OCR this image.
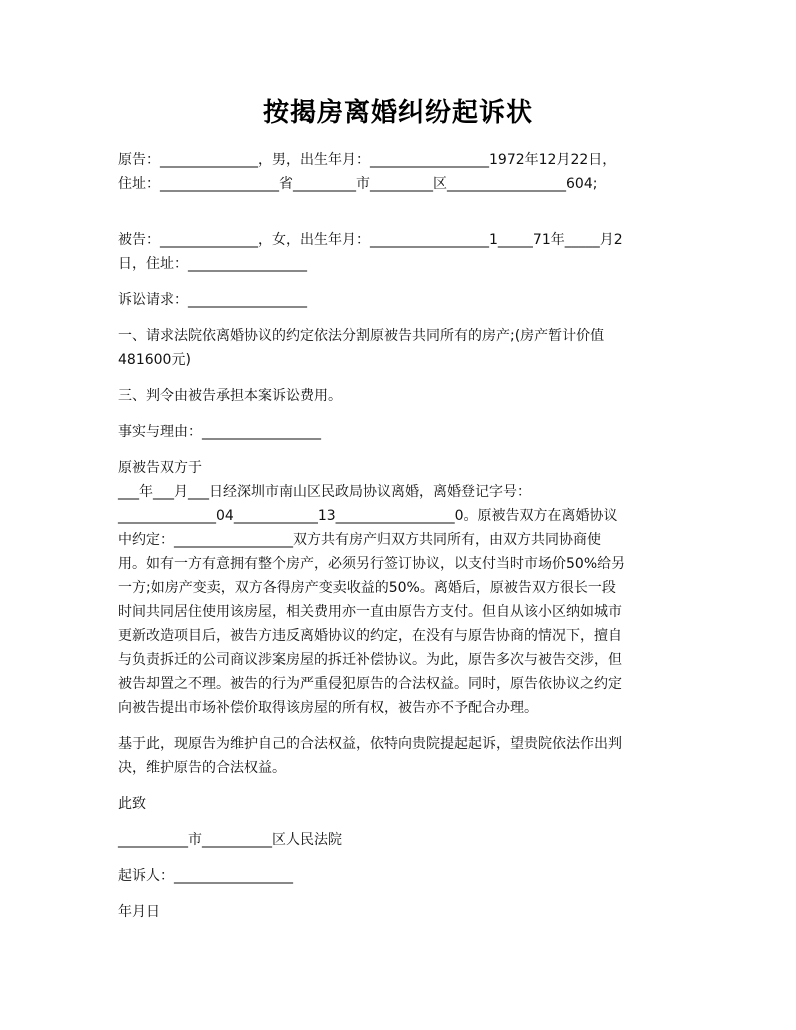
按揭房离婚纠纷起诉状
原告：______________，男，出生年月：_________________1972年12月22日，
住址：_________________省_________市_________区_________________604;
被告：______________，女，出生年月：_________________1_____71年_____月2
日，住址：_________________
诉讼请求：_________________
一、请求法院依离婚协议的约定依法分割原被告共同所有的房产;(房产暂计价值
481600元)
三、判令由被告承担本案诉讼费用。
事实与理由：_________________
原被告双方于
___年___月___日经深圳市南山区民政局协议离婚，离婚登记字号：
______________04____________13_________________0。原被告双方在离婚协议
中约定：_________________双方共有房产归双方共同所有，由双方共同协商使
用。如有一方有意拥有整个房产，必须另行签订协议，以支付当时市场价50%给另
一方;如房产变卖，双方各得房产变卖收益的50%。离婚后，原被告双方很长一段
时间共同居住使用该房屋，相关费用亦一直由原告方支付。但自从该小区纳如城市
更新改造项目后，被告方违反离婚协议的约定，在没有与原告协商的情况下，擅自
与负责拆迁的公司商议涉案房屋的拆迁补偿协议。为此，原告多次与被告交涉，但
被告却置之不理。被告的行为严重侵犯原告的合法权益。同时，原告依协议之约定
向被告提出市场补偿价取得该房屋的所有权，被告亦不予配合办理。
基于此，现原告为维护自己的合法权益，依特向贵院提起起诉，望贵院依法作出判
决，维护原告的合法权益。
此致
__________市__________区人民法院
起诉人：_________________
年月日
